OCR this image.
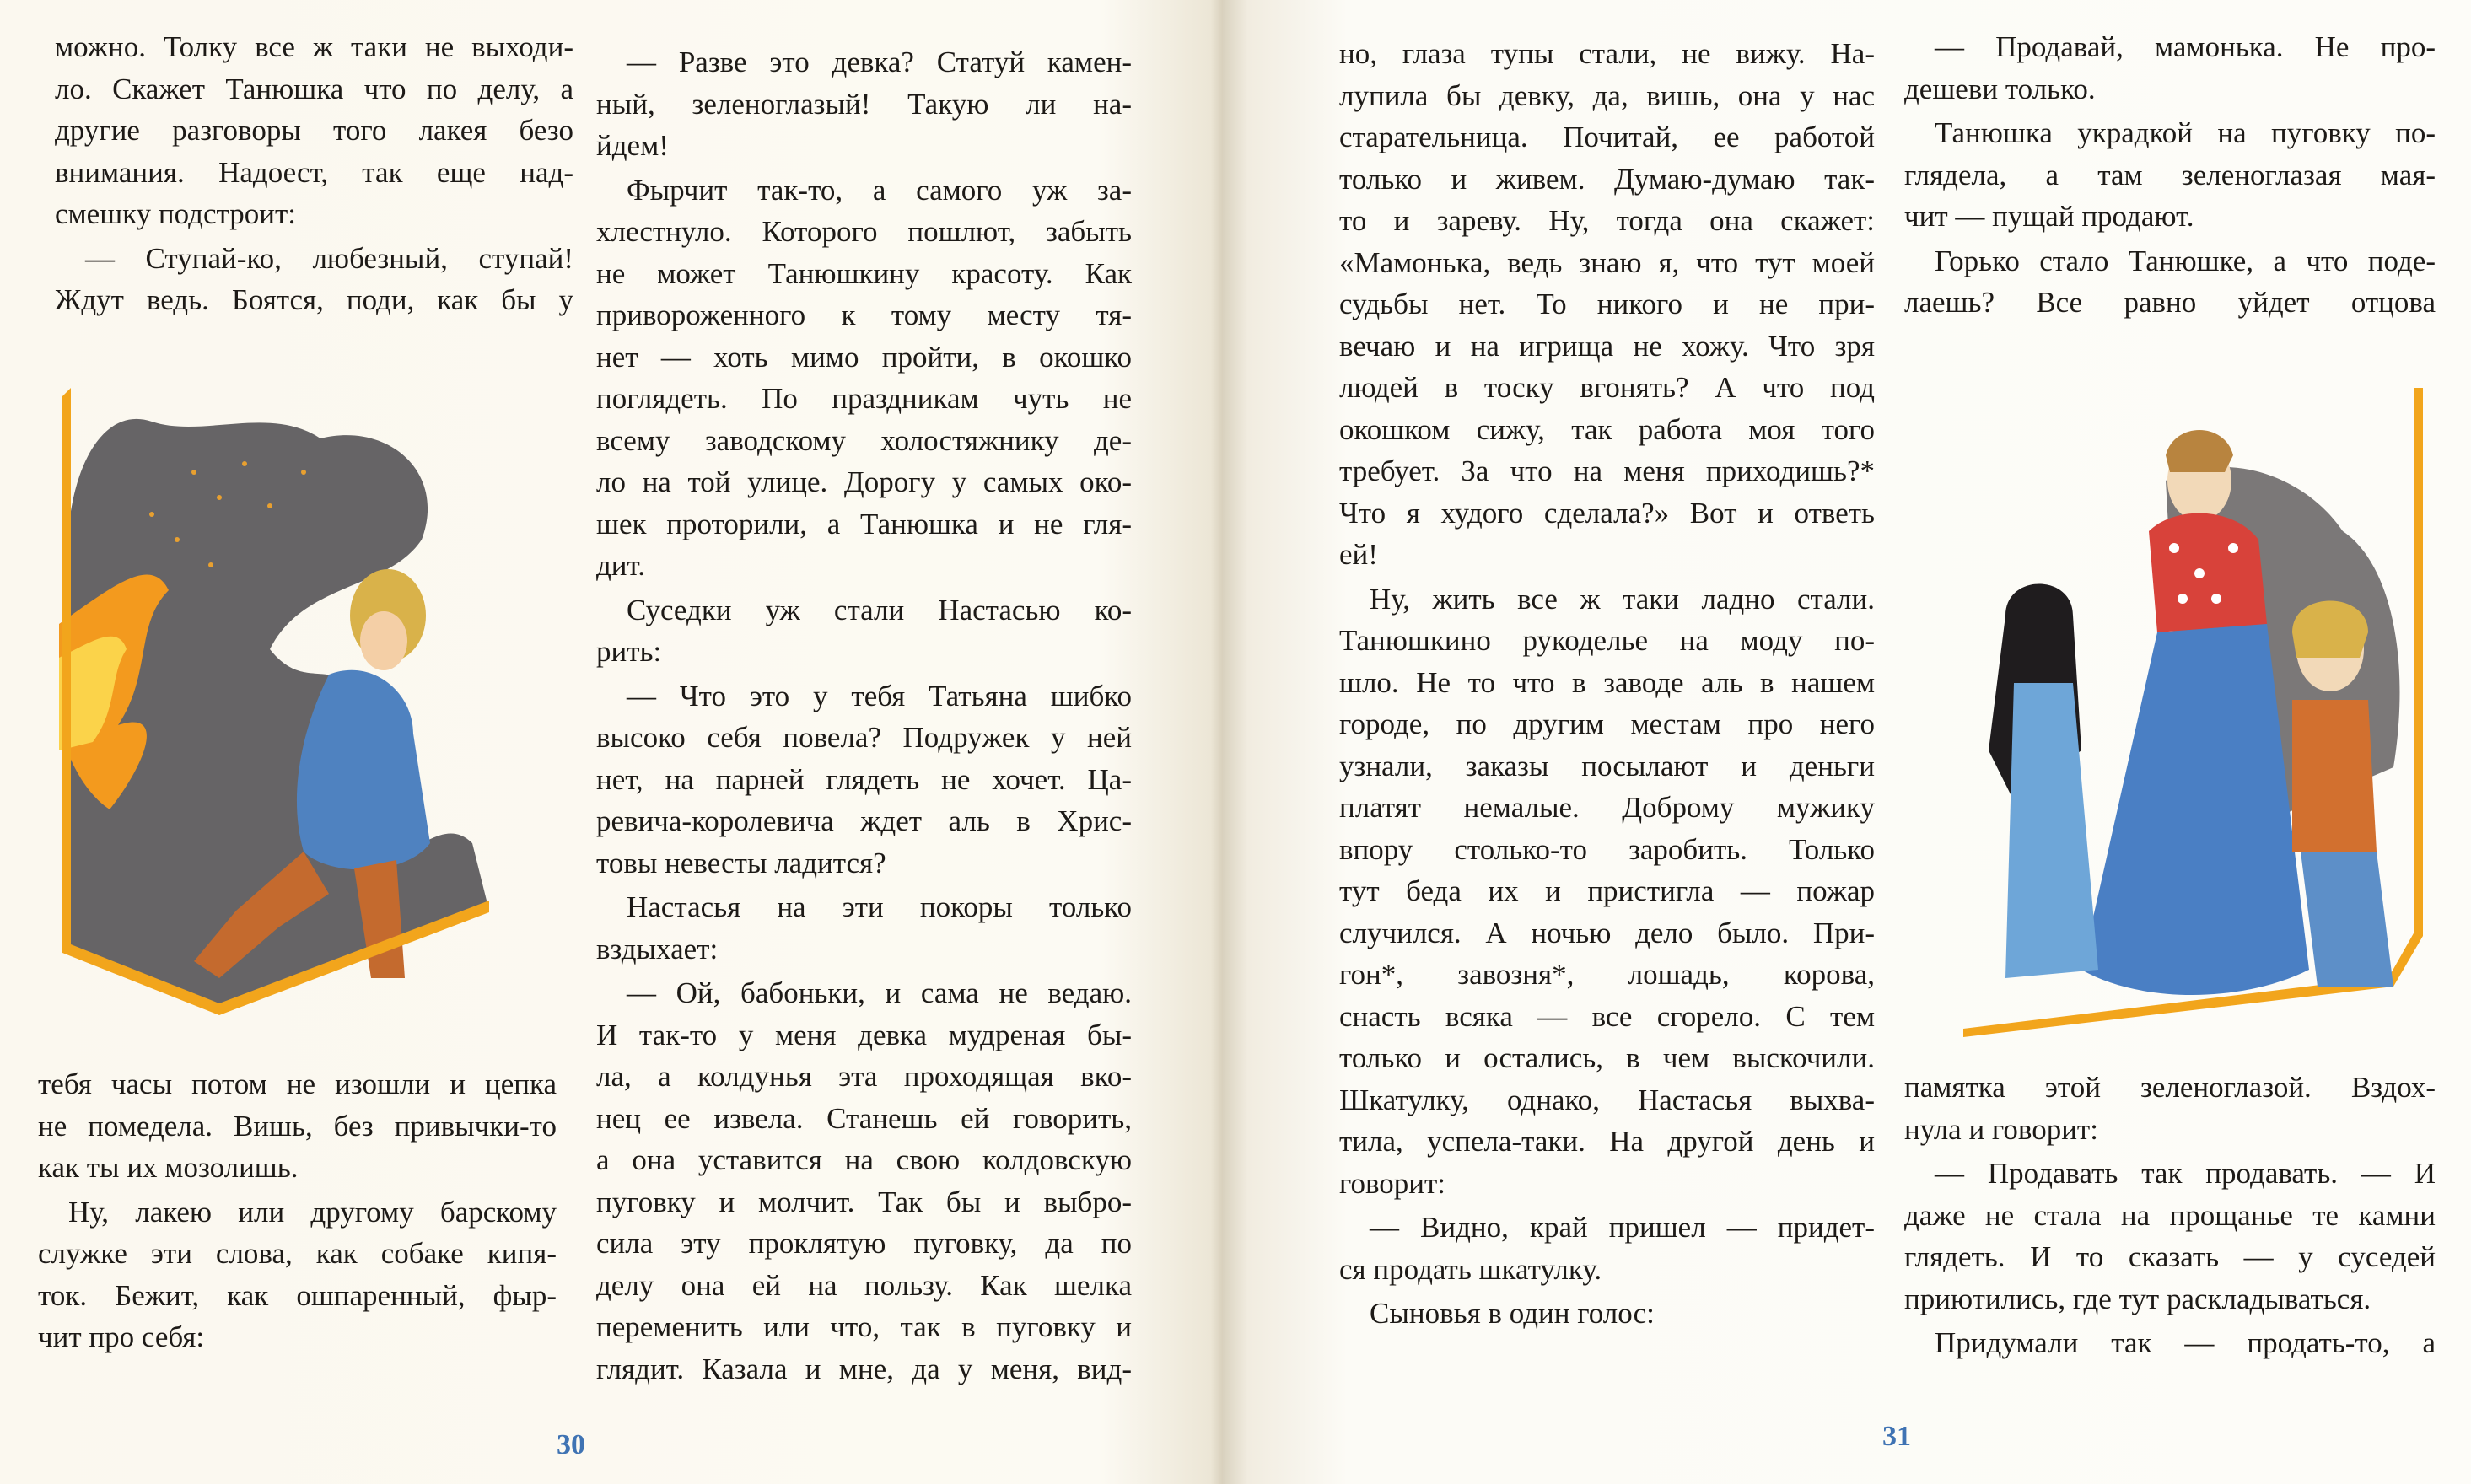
можно. Толку все ж таки не выходи-
ло. Скажет Танюшка что по делу, а
другие разговоры того лакея безо
внимания. Надоест, так еще над-
смешку подстроит:
— Ступай-ко, любезный, ступай!
Ждут ведь. Боятся, поди, как бы у
тебя часы потом не изошли и цепка
не помедела. Вишь, без привычки-то
как ты их мозолишь.
Ну, лакею или другому барскому
служке эти слова, как собаке кипя-
ток. Бежит, как ошпаренный, фыр-
чит про себя:
— Разве это девка? Статуй камен-
ный, зеленоглазый! Такую ли на-
йдем!
Фырчит так-то, а самого уж за-
хлестнуло. Которого пошлют, забыть
не может Танюшкину красоту. Как
привороженного к тому месту тя-
нет — хоть мимо пройти, в окошко
поглядеть. По праздникам чуть не
всему заводскому холостяжнику де-
ло на той улице. Дорогу у самых око-
шек проторили, а Танюшка и не гля-
дит.
Суседки уж стали Настасью ко-
рить:
— Что это у тебя Татьяна шибко
высоко себя повела? Подружек у ней
нет, на парней глядеть не хочет. Ца-
ревича-королевича ждет аль в Хрис-
товы невесты ладится?
Настасья на эти покоры только
вздыхает:
— Ой, бабоньки, и сама не ведаю.
И так-то у меня девка мудреная бы-
ла, а колдунья эта проходящая вко-
нец ее извела. Станешь ей говорить,
а она уставится на свою колдовскую
пуговку и молчит. Так бы и выбро-
сила эту проклятую пуговку, да по
делу она ей на пользу. Как шелка
переменить или что, так в пуговку и
глядит. Казала и мне, да у меня, вид-
но, глаза тупы стали, не вижу. На-
лупила бы девку, да, вишь, она у нас
старательница. Почитай, ее работой
только и живем. Думаю-думаю так-
то и зареву. Ну, тогда она скажет:
«Мамонька, ведь знаю я, что тут моей
судьбы нет. То никого и не при-
вечаю и на игрища не хожу. Что зря
людей в тоску вгонять? А что под
окошком сижу, так работа моя того
требует. За что на меня приходишь?*
Что я худого сделала?» Вот и ответь
ей!
Ну, жить все ж таки ладно стали.
Танюшкино рукоделье на моду по-
шло. Не то что в заводе аль в нашем
городе, по другим местам про него
узнали, заказы посылают и деньги
платят немалые. Доброму мужику
впору столько-то заробить. Только
тут беда их и пристигла — пожар
случился. А ночью дело было. При-
гон*, завозня*, лошадь, корова,
снасть всяка — все сгорело. С тем
только и остались, в чем выскочили.
Шкатулку, однако, Настасья выхва-
тила, успела-таки. На другой день и
говорит:
— Видно, край пришел — придет-
ся продать шкатулку.
Сыновья в один голос:
— Продавай, мамонька. Не про-
дешеви только.
Танюшка украдкой на пуговку по-
глядела, а там зеленоглазая мая-
чит — пущай продают.
Горько стало Танюшке, а что поде-
лаешь? Все равно уйдет отцова
памятка этой зеленоглазой. Вздох-
нула и говорит:
— Продавать так продавать. — И
даже не стала на прощанье те камни
глядеть. И то сказать — у суседей
приютились, где тут раскладываться.
Придумали так — продать-то, а
30	31
